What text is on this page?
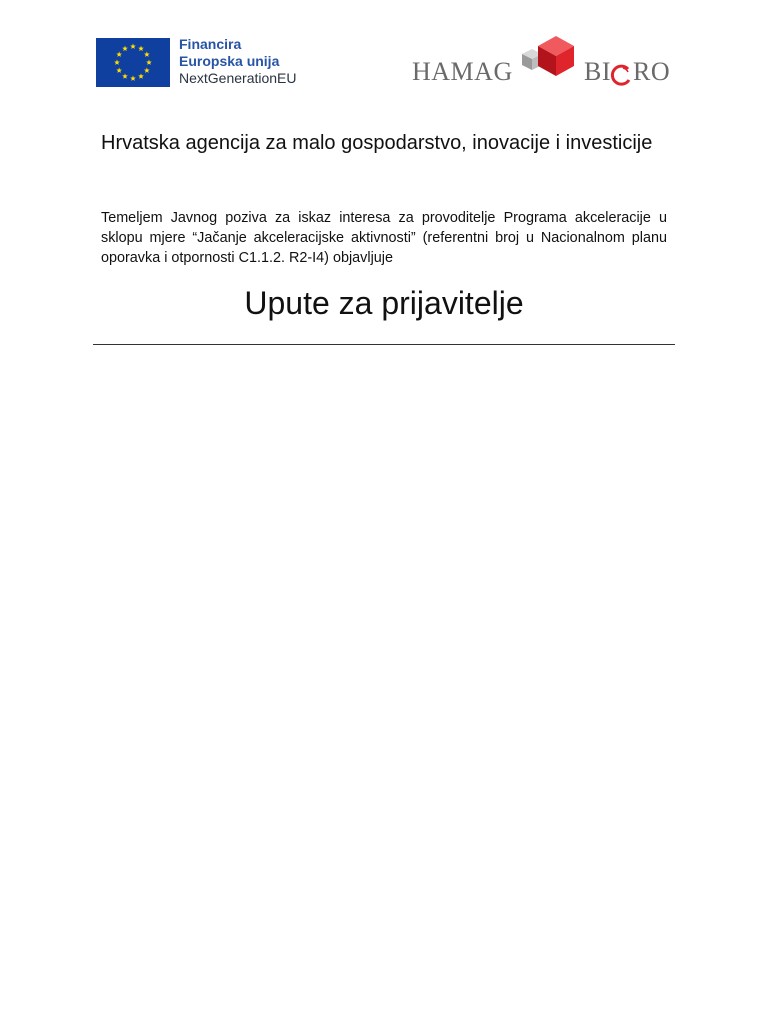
Financira
Europska unija
NextGenerationEU	HAMAG	BI RO
Hrvatska agencija za malo gospodarstvo, inovacije i investicije
Temeljem Javnog poziva za iskaz interesa za provoditelje Programa akceleracije u sklopu mjere “Jačanje akceleracijske aktivnosti” (referentni broj u Nacionalnom planu oporavka i otpornosti C1.1.2. R2-I4) objavljuje
Upute za prijavitelje
